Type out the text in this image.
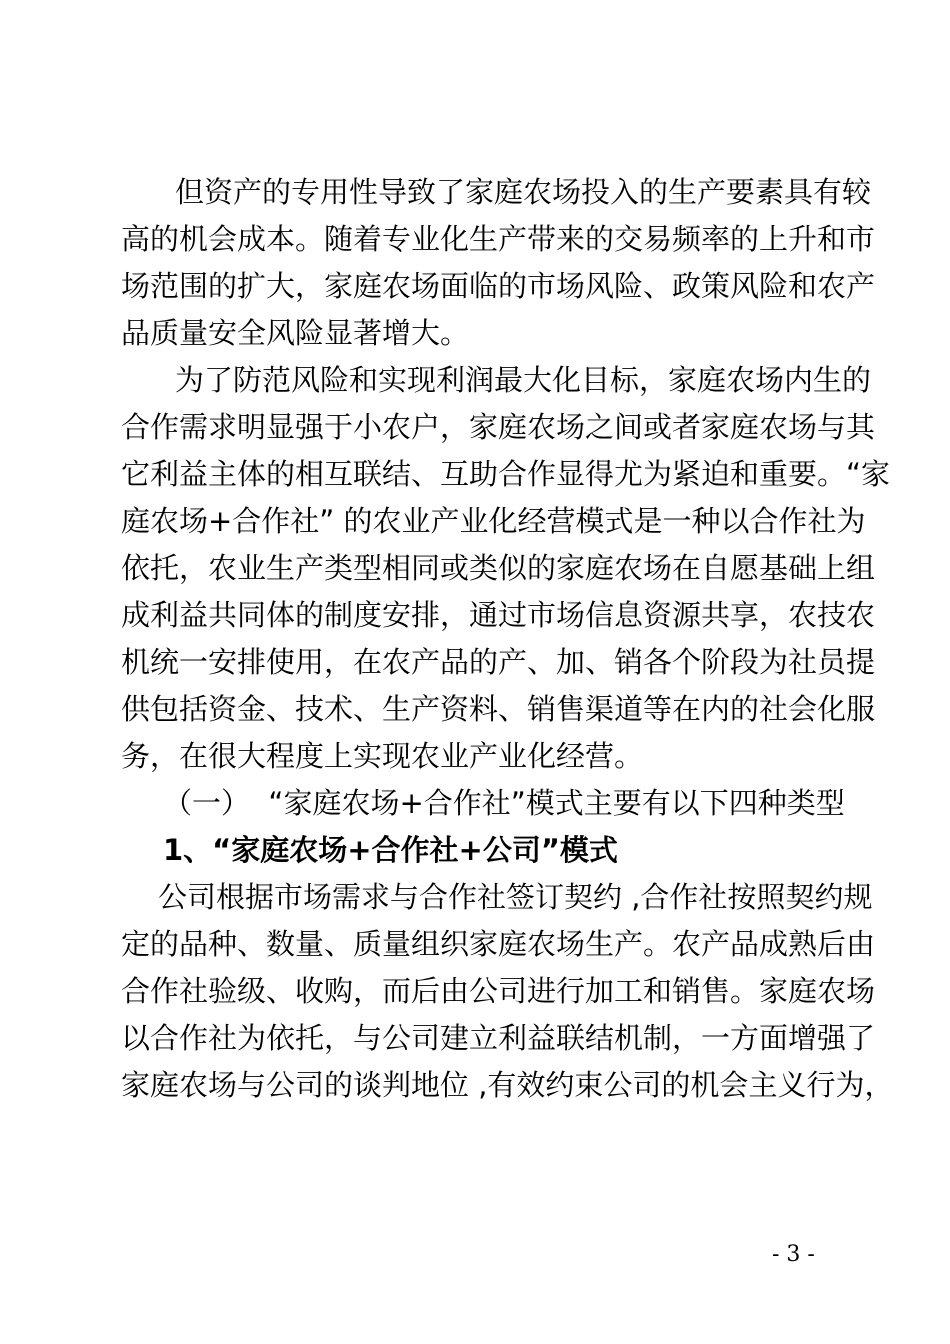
但资产的专用性导致了家庭农场投入的生产要素具有较

高的机会成本。随着专业化生产带来的交易频率的上升和市

场范围的扩大，家庭农场面临的市场风险、政策风险和农产

品质量安全风险显著增大。

为了防范风险和实现利润最大化目标，家庭农场内生的

合作需求明显强于小农户，家庭农场之间或者家庭农场与其

它利益主体的相互联结、互助合作显得尤为紧迫和重要。“家

庭农场+合作社” 的农业产业化经营模式是一种以合作社为

依托，农业生产类型相同或类似的家庭农场在自愿基础上组

成利益共同体的制度安排，通过市场信息资源共享，农技农

机统一安排使用，在农产品的产、加、销各个阶段为社员提

供包括资金、技术、生产资料、销售渠道等在内的社会化服

务，在很大程度上实现农业产业化经营。

（一）  “家庭农场+合作社”模式主要有以下四种类型

1、“家庭农场+合作社+公司”模式

公司根据市场需求与合作社签订契约 ,合作社按照契约规

定的品种、数量、质量组织家庭农场生产。农产品成熟后由

合作社验级、收购，而后由公司进行加工和销售。家庭农场

以合作社为依托，与公司建立利益联结机制，一方面增强了

家庭农场与公司的谈判地位 ,有效约束公司的机会主义行为，

- 3 -
